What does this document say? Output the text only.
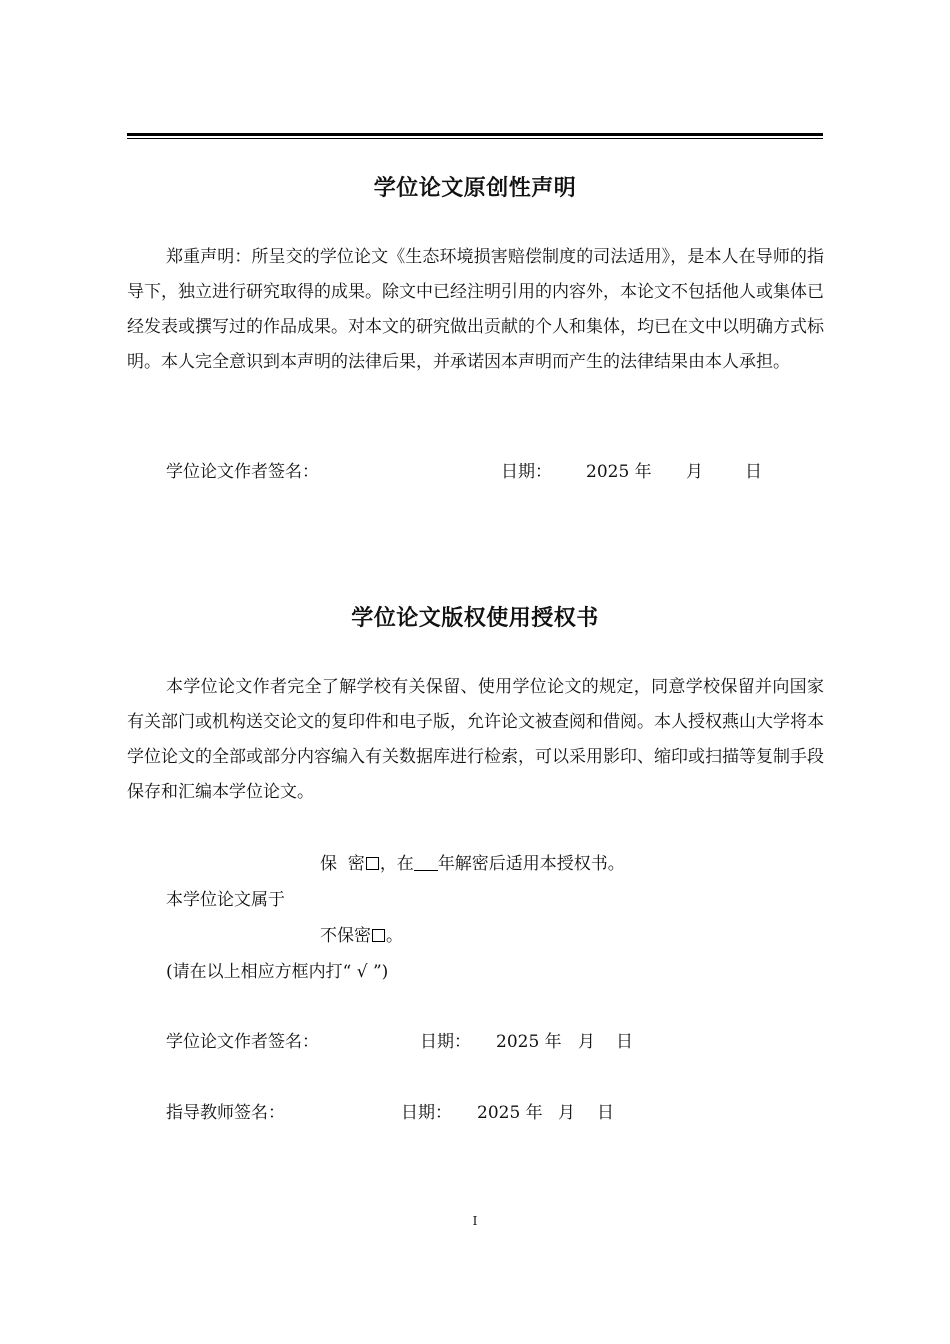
学位论文原创性声明

郑重声明：所呈交的学位论文《生态环境损害赔偿制度的司法适用》，是本人在导师的指导下，独立进行研究取得的成果。除文中已经注明引用的内容外，本论文不包括他人或集体已经发表或撰写过的作品成果。对本文的研究做出贡献的个人和集体，均已在文中以明确方式标明。本人完全意识到本声明的法律后果，并承诺因本声明而产生的法律结果由本人承担。

学位论文作者签名：	日期： 2025 年 月 日
学位论文版权使用授权书

本学位论文作者完全了解学校有关保留、使用学位论文的规定，同意学校保留并向国家有关部门或机构送交论文的复印件和电子版，允许论文被查阅和借阅。本人授权燕山大学将本学位论文的全部或部分内容编入有关数据库进行检索，可以采用影印、缩印或扫描等复制手段保存和汇编本学位论文。

保  密 ，在 年解密后适用本授权书。
本学位论文属于
不保密 。
(请在以上相应方框内打“ √ ”)
学位论文作者签名：	日期： 2025 年 月 日
指导教师签名：	日期： 2025 年 月 日
I
